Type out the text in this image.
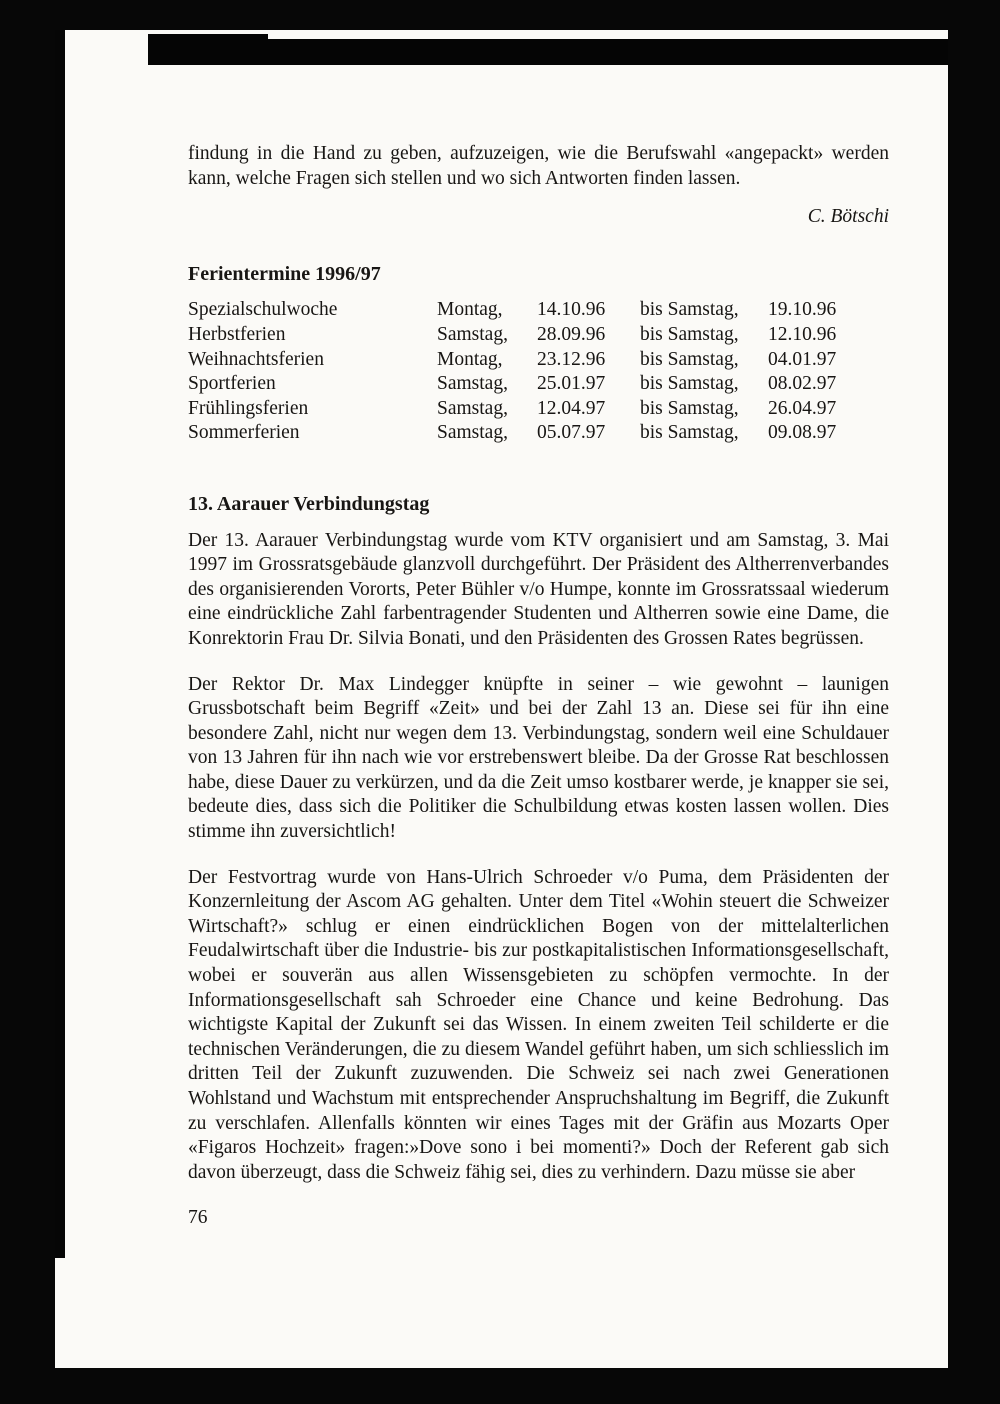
findung in die Hand zu geben, aufzuzeigen, wie die Berufswahl «angepackt» werden kann, welche Fragen sich stellen und wo sich Antworten finden lassen.

C. Bötschi

Ferientermine 1996/97
Spezialschulwoche	Montag,	14.10.96	bis Samstag,	19.10.96
Herbstferien	Samstag,	28.09.96	bis Samstag,	12.10.96
Weihnachtsferien	Montag,	23.12.96	bis Samstag,	04.01.97
Sportferien	Samstag,	25.01.97	bis Samstag,	08.02.97
Frühlingsferien	Samstag,	12.04.97	bis Samstag,	26.04.97
Sommerferien	Samstag,	05.07.97	bis Samstag,	09.08.97
13. Aarauer Verbindungstag

Der 13. Aarauer Verbindungstag wurde vom KTV organisiert und am Samstag, 3. Mai 1997 im Grossratsgebäude glanzvoll durchgeführt. Der Präsident des Altherrenverbandes des organisierenden Vororts, Peter Bühler v/o Humpe, konnte im Grossratssaal wiederum eine eindrückliche Zahl farbentragender Studenten und Altherren sowie eine Dame, die Konrektorin Frau Dr. Silvia Bonati, und den Präsidenten des Grossen Rates begrüssen.

Der Rektor Dr. Max Lindegger knüpfte in seiner – wie gewohnt – launigen Grussbotschaft beim Begriff «Zeit» und bei der Zahl 13 an. Diese sei für ihn eine besondere Zahl, nicht nur wegen dem 13. Verbindungstag, sondern weil eine Schuldauer von 13 Jahren für ihn nach wie vor erstrebenswert bleibe. Da der Grosse Rat beschlossen habe, diese Dauer zu verkürzen, und da die Zeit umso kostbarer werde, je knapper sie sei, bedeute dies, dass sich die Politiker die Schulbildung etwas kosten lassen wollen. Dies stimme ihn zuversichtlich!

Der Festvortrag wurde von Hans-Ulrich Schroeder v/o Puma, dem Präsidenten der Konzernleitung der Ascom AG gehalten. Unter dem Titel «Wohin steuert die Schweizer Wirtschaft?» schlug er einen eindrücklichen Bogen von der mittelalterlichen Feudalwirtschaft über die Industrie- bis zur postkapitalistischen Informationsgesellschaft, wobei er souverän aus allen Wissensgebieten zu schöpfen vermochte. In der Informationsgesellschaft sah Schroeder eine Chance und keine Bedrohung. Das wichtigste Kapital der Zukunft sei das Wissen. In einem zweiten Teil schilderte er die technischen Veränderungen, die zu diesem Wandel geführt haben, um sich schliesslich im dritten Teil der Zukunft zuzuwenden. Die Schweiz sei nach zwei Generationen Wohlstand und Wachstum mit entsprechender Anspruchshaltung im Begriff, die Zukunft zu verschlafen. Allenfalls könnten wir eines Tages mit der Gräfin aus Mozarts Oper «Figaros Hochzeit» fragen:»Dove sono i bei momenti?» Doch der Referent gab sich davon überzeugt, dass die Schweiz fähig sei, dies zu verhindern. Dazu müsse sie aber

76
